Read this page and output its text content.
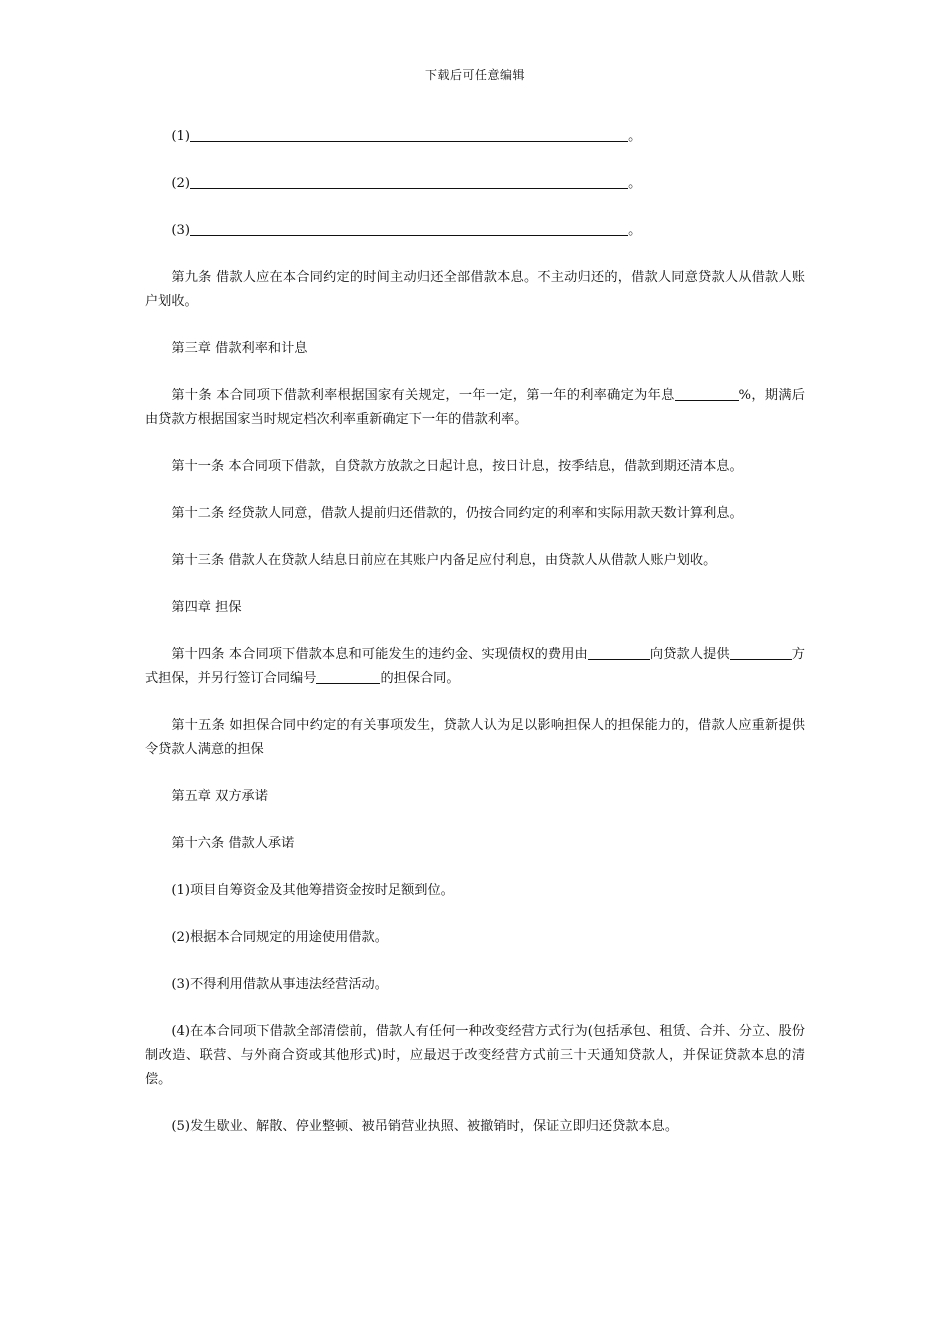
下载后可任意编辑

(1)	。

(2)	。

(3)	。

第九条 借款人应在本合同约定的时间主动归还全部借款本息。不主动归还的，借款人同意贷款人从借款人账户划收。

第三章 借款利率和计息

第十条 本合同项下借款利率根据国家有关规定，一年一定，第一年的利率确定为年息	%，期满后由贷款方根据国家当时规定档次利率重新确定下一年的借款利率。

第十一条 本合同项下借款，自贷款方放款之日起计息，按日计息，按季结息，借款到期还清本息。

第十二条 经贷款人同意，借款人提前归还借款的，仍按合同约定的利率和实际用款天数计算利息。

第十三条 借款人在贷款人结息日前应在其账户内备足应付利息，由贷款人从借款人账户划收。

第四章 担保

第十四条 本合同项下借款本息和可能发生的违约金、实现债权的费用由	向贷款人提供	方式担保，并另行签订合同编号	的担保合同。

第十五条 如担保合同中约定的有关事项发生，贷款人认为足以影响担保人的担保能力的，借款人应重新提供令贷款人满意的担保

第五章 双方承诺

第十六条 借款人承诺

(1)项目自筹资金及其他筹措资金按时足额到位。

(2)根据本合同规定的用途使用借款。

(3)不得利用借款从事违法经营活动。

(4)在本合同项下借款全部清偿前，借款人有任何一种改变经营方式行为(包括承包、租赁、合并、分立、股份制改造、联营、与外商合资或其他形式)时，应最迟于改变经营方式前三十天通知贷款人，并保证贷款本息的清偿。

(5)发生歇业、解散、停业整顿、被吊销营业执照、被撤销时，保证立即归还贷款本息。
